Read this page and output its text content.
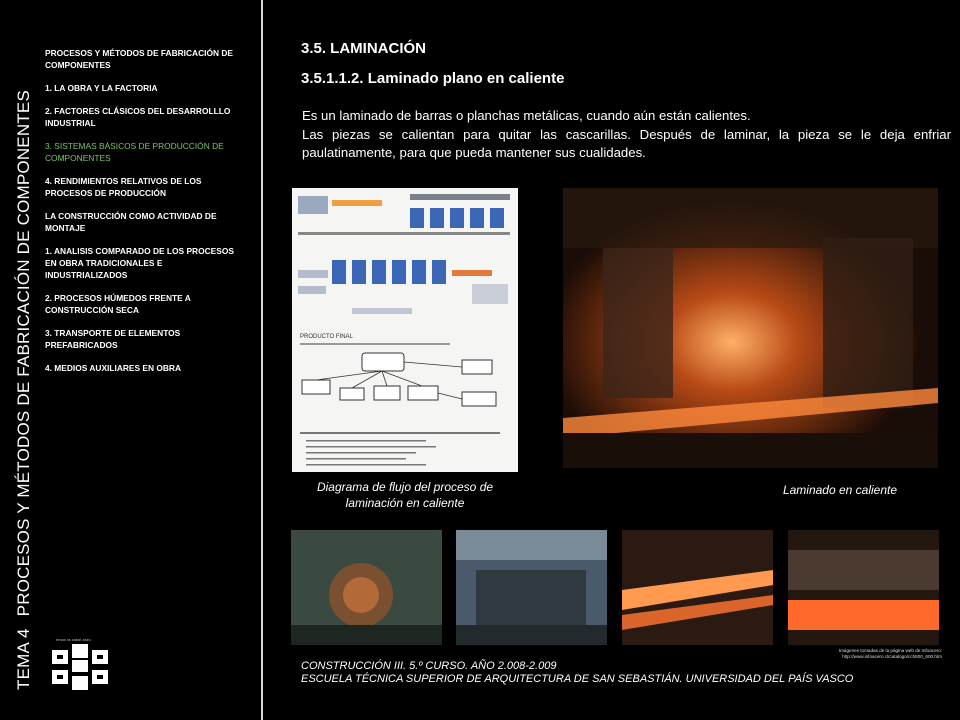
TEMA 4PROCESOS Y MÉTODOS DE FABRICACIÓN DE COMPONENTES
PROCESOS Y MÉTODOS DE FABRICACIÓN DE COMPONENTES
1. LA OBRA Y LA FACTORIA
2. FACTORES CLÁSICOS DEL DESARROLLLO INDUSTRIAL
3. SISTEMAS BÁSICOS DE PRODUCCIÓN DE COMPONENTES
4. RENDIMIENTOS RELATIVOS DE LOS PROCESOS DE PRODUCCIÓN
LA CONSTRUCCIÓN COMO ACTIVIDAD DE MONTAJE
1. ANALISIS COMPARADO DE LOS PROCESOS EN OBRA TRADICIONALES E INDUSTRIALIZADOS
2. PROCESOS HÚMEDOS FRENTE A CONSTRUCCIÓN SECA
3. TRANSPORTE DE ELEMENTOS PREFABRICADOS
4. MEDIOS AUXILIARES EN OBRA
eman ta zabal zazu
3.5. LAMINACIÓN
3.5.1.1.2. Laminado plano en caliente

Es un laminado de barras o planchas metálicas, cuando aún están calientes.

Las piezas se calientan para quitar las cascarillas. Después de laminar, la pieza se le deja enfriar paulatinamente, para que pueda mantener sus cualidades.

PRODUCTO FINAL
Diagrama de flujo del proceso de laminación en caliente
Laminado en caliente
Imágenes tomadas de la página web de Infoacero:
http://www.infoacero.cl/catalogo/cch500_600.htm
CONSTRUCCIÓN III. 5.º CURSO. AÑO 2.008-2.009
ESCUELA TÉCNICA SUPERIOR DE ARQUITECTURA DE SAN SEBASTIÁN. UNIVERSIDAD DEL PAÍS VASCO
